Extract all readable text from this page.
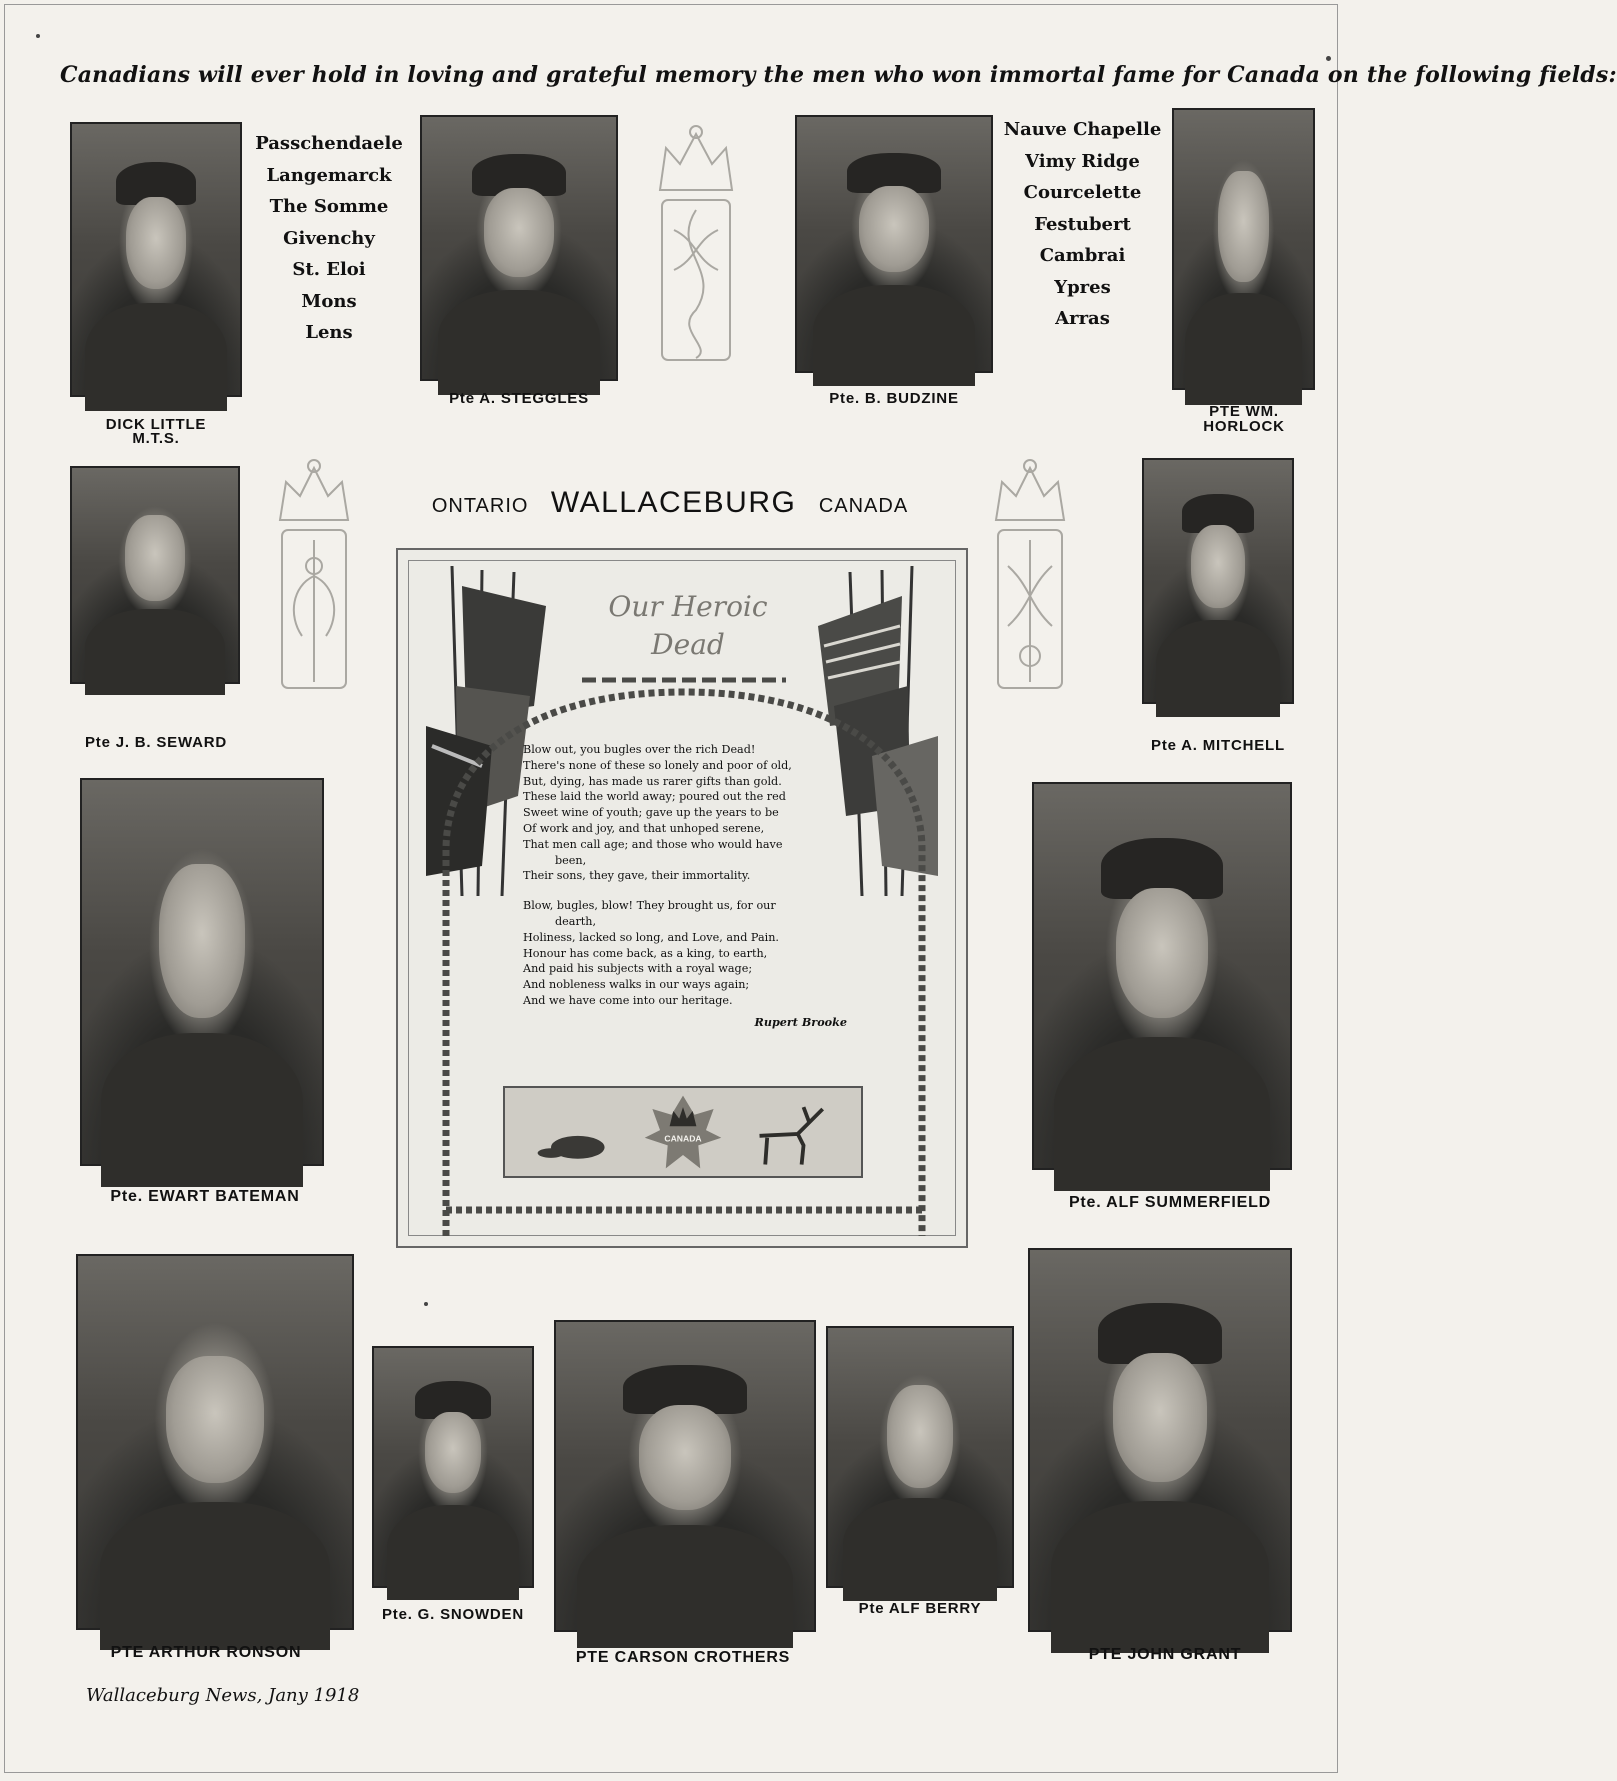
Canadians will ever hold in loving and grateful memory the men who won immortal fame for Canada on the following fields:
DICK LITTLE
M.T.S.
Passchendaele
Langemarck
The Somme
Givenchy
St. Eloi
Mons
Lens
Pte A. STEGGLES	Pte. B. BUDZINE
Nauve Chapelle
Vimy Ridge
Courcelette
Festubert
Cambrai
Ypres
Arras
PTE WM.
HORLOCK
Pte J. B. SEWARD
ONTARIO WALLACEBURG CANADA
Pte A. MITCHELL
Our Heroic
Dead
Blow out, you bugles over the rich Dead!
There's none of these so lonely and poor of old,
But, dying, has made us rarer gifts than gold.
These laid the world away; poured out the red
Sweet wine of youth; gave up the years to be
Of work and joy, and that unhoped serene,
That men call age; and those who would have
been,
Their sons, they gave, their immortality.
Blow, bugles, blow! They brought us, for our
dearth,
Holiness, lacked so long, and Love, and Pain.
Honour has come back, as a king, to earth,
And paid his subjects with a royal wage;
And nobleness walks in our ways again;
And we have come into our heritage.
Rupert Brooke
CANADA
Pte. EWART BATEMAN	Pte. ALF SUMMERFIELD
PTE ARTHUR RONSON
Pte. G. SNOWDEN
PTE CARSON CROTHERS
Pte ALF BERRY
PTE JOHN GRANT
Wallaceburg News, Jany 1918
